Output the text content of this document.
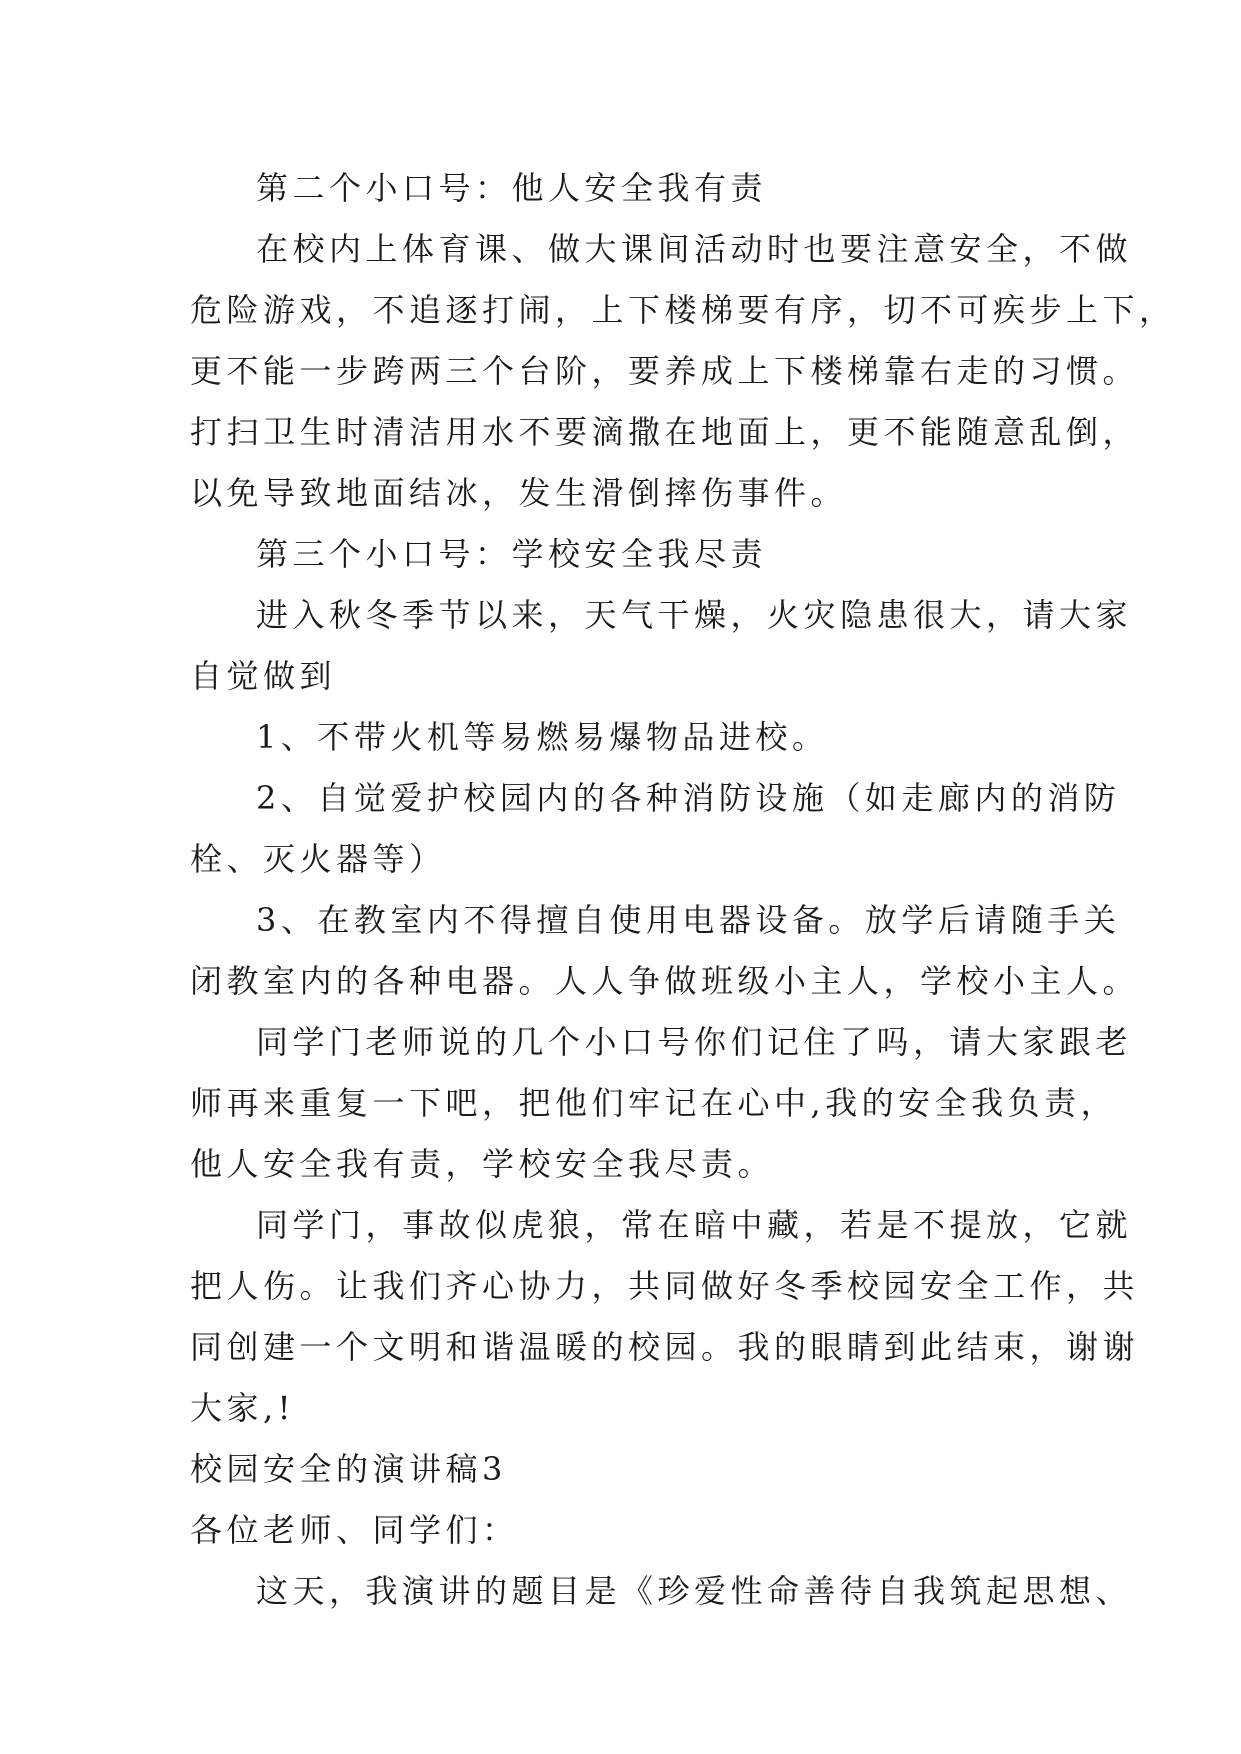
第二个小口号：他人安全我有责
在校内上体育课、做大课间活动时也要注意安全，不做
危险游戏，不追逐打闹，上下楼梯要有序，切不可疾步上下，
更不能一步跨两三个台阶，要养成上下楼梯靠右走的习惯。
打扫卫生时清洁用水不要滴撒在地面上，更不能随意乱倒，
以免导致地面结冰，发生滑倒摔伤事件。
第三个小口号：学校安全我尽责
进入秋冬季节以来，天气干燥，火灾隐患很大，请大家
自觉做到
1、不带火机等易燃易爆物品进校。
2、自觉爱护校园内的各种消防设施（如走廊内的消防
栓、灭火器等）
3、在教室内不得擅自使用电器设备。放学后请随手关
闭教室内的各种电器。人人争做班级小主人，学校小主人。
同学门老师说的几个小口号你们记住了吗，请大家跟老
师再来重复一下吧，把他们牢记在心中,我的安全我负责，
他人安全我有责，学校安全我尽责。
同学门，事故似虎狼，常在暗中藏，若是不提放，它就
把人伤。让我们齐心协力，共同做好冬季校园安全工作，共
同创建一个文明和谐温暖的校园。我的眼睛到此结束，谢谢
大家,!
校园安全的演讲稿3
各位老师、同学们：
这天，我演讲的题目是《珍爱性命善待自我筑起思想、
